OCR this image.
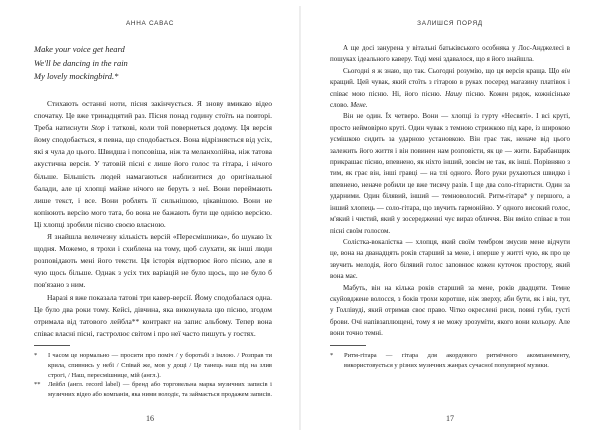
АННА САВАС
Make your voice get heard
We'll be dancing in the rain
My lovely mockingbird.*

Стихають останні ноти, пісня закінчується. Я знову вмикаю відео спочатку. Це вже тринадцятий раз. Пісня понад годину стоїть на повторі. Треба натиснути Stop і таткові, коли той повернеться додому. Ця версія йому сподобається, я певна, що сподобається. Вона відрізняється від усіх, які я чула до цього. Швидша і попсовіша, ніж та меланхолійна, ніж татова акустична версія. У татовій пісні є лише його голос та гітара, і нічого більше. Більшість людей намагаються наблизитися до оригінальної балади, але ці хлопці майже нічого не беруть з неї. Вони переймають лише текст, і все. Вони роблять її сильнішою, цікавішою. Вони не копіюють версію мого тата, бо вона не бажають бути ще однією версією. Ці хлопці зробили пісню своєю власною.

Я знайшла величезну кількість версій «Пересмішника», бо шукаю їх щодня. Можемо, я трохи і схиблена на тому, щоб слухати, як інші люди розповідають мені його тексти. Ця історія відтворює його пісню, але я чую щось більше. Однак з усіх тих варіацій не було щось, що не було б пов'язано з ним.

Наразі я вже показала татові три кавер-версії. Йому сподобалася одна. Це було два роки тому. Кейсі, дівчина, яка виконувала цю пісню, згодом отримала від татового лейбла** контракт на запис альбому. Тепер вона співає власні пісні, гастролює світом і про неї часто пишуть у гостях.

* І часом це нормально — просити про поміч / у боротьбі з імлою. / Розправ ти крила, спивнись у небі / Співай же, мов у дощі / Це танець наш під на злив строгі, / Наш, пересмішнице, мій (англ.).
** Лейбл (англ. record label) — бренд або торговельна марка музичних записів і музичних відео або компанія, яка ними володіє, та займається продажем записів.
16
ЗАЛИШСЯ ПОРЯД

А ще досі занурена у вітальні батьківського особняка у Лос-Анджелесі в пошуках ідеального каверу. Тоді мені здавалося, що я його знайшла.

Сьогодні я ж знаю, що так. Сьогодні розумію, що ця версія краща. Що він кращий. Цей чувак, який стоїть з гітарою в руках посеред магазину платівок і співає мою пісню. Ні, його пісню. Нашу пісню. Кожен рядок, кожнісіньке слово. Мене.

Він не один. Їх четверо. Вони — хлопці із гурту «Несвяті». І всі круті, просто неймовірно круті. Один чувак з темною стрижкою під каре, із широкою усмішкою сидить за ударною установкою. Він грає так, неначе від цього залежить його життя і він повинен нам розповісти, як це — жити. Барабанщик прикрашає пісню, впевнено, як ніхто інший, зовсім не так, як інші. Порівняно з тим, як грає він, інші гравці — на тлі одного. Його руки рухаються швидко і впевнено, неначе робили це вже тисячу разів. І ще два соло-гітаристи. Один за ударними. Один білявий, інший — темноволосий. Ритм-гітара* у першого, а інший хлопець — соло-гітара, що звучить гармонійно. У одного високий голос, м'який і чистий, який у зосередженні чує вираз обличчя. Він вміло співає в тон пісні своїм голосом.

Солістка-вокалістка — хлопця, який своїм тембром змусив мене відчути це, вона на дванадцять років старший за мене, і вперше у житті чую, як про це звучить мелодія, його білявий голос заповнює кожен куточок простору, який вона має.

Мабуть, він на кілька років старший за мене, років двадцяти. Темне скуйовджене волосся, з боків трохи коротше, ніж зверху, аби бути, як і він, тут, у Голлівуді, який отримав своє право. Чітко окреслені риси, повні губи, густі брови. Очі напівзаплющені, тому я не можу зрозуміти, якого вони кольору. Але вони точно темні.

* Ритм-гітара — гітара для акордового ритмічного акомпанементу, використовується у різних музичних жанрах сучасної популярної музики.
17
